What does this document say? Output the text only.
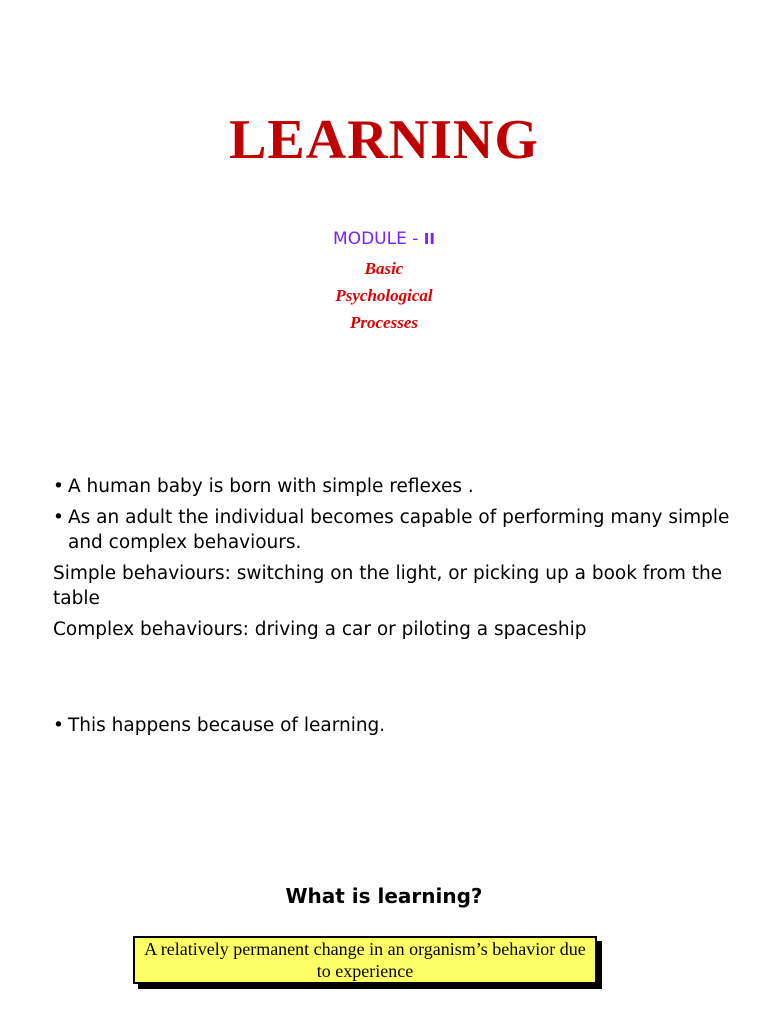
LEARNING
MODULE - II
Basic
Psychological
Processes
• A human baby is born with simple reflexes .
• As an adult the individual becomes capable of performing many simple and complex behaviours.
Simple behaviours: switching on the light, or picking up a book from the table
Complex behaviours: driving a car or piloting a spaceship
• This happens because of learning.
What is learning?
A relatively permanent change in an organism’s behavior due to experience
